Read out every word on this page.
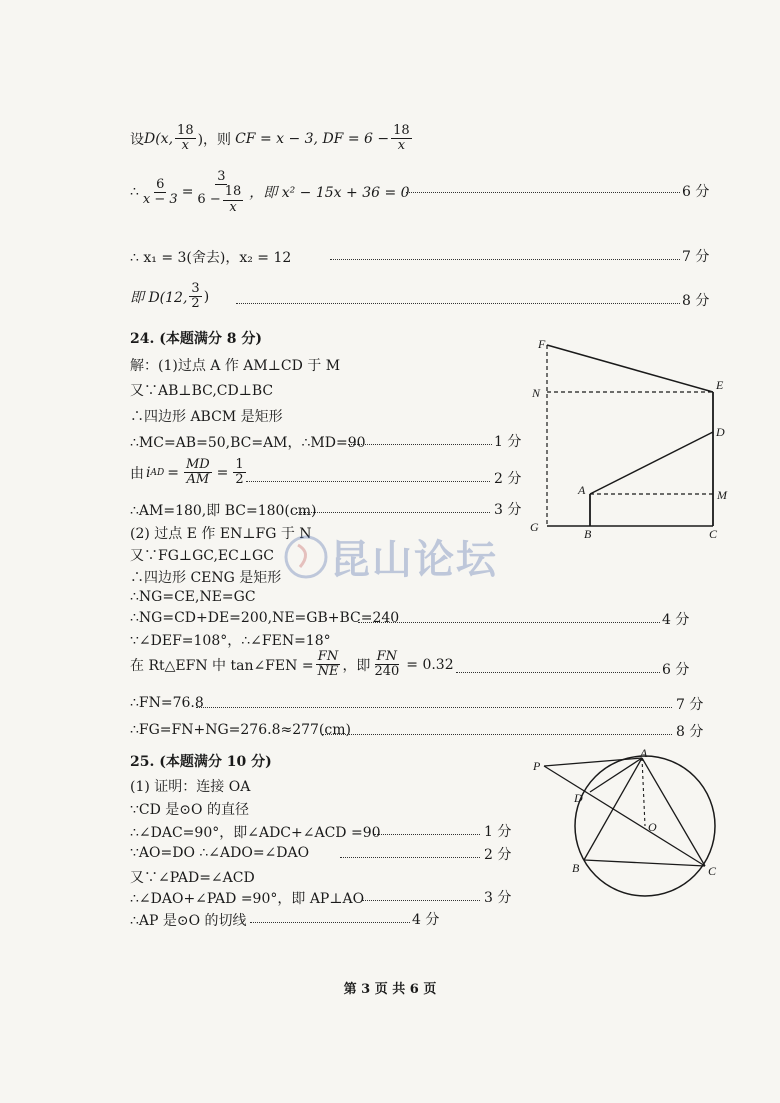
设 D(x, $\frac{18}{x}$ )，则 CF = x − 3, DF = $6 - \frac{18}{x}$
∴ $\frac{6}{x - 3} = \frac{3}{6 - \frac{18}{x}}$ ，即 x² − 15x + 36 = 0	6 分
∴ x₁ = 3(舍去)，x₂ = 12	7 分
即 D(12, $\frac{3}{2}$ )	8 分
24. (本题满分 8 分)
解：(1)过点 A 作 AM⊥CD 于 M
又∵AB⊥BC,CD⊥BC
∴四边形 ABCM 是矩形
∴MC=AB=50,BC=AM，∴MD=90	1 分
由 i AD = $\frac{MD}{AM} = \frac{1}{2}$	2 分
∴AM=180,即 BC=180(cm)	3 分
(2) 过点 E 作 EN⊥FG 于 N
又∵FG⊥GC,EC⊥GC
∴四边形 CENG 是矩形
∴NG=CE,NE=GC
∴NG=CD+DE=200,NE=GB+BC=240	4 分
∵∠DEF=108°，∴∠FEN=18°
在 Rt△EFN 中 tan∠FEN = $\frac{FN}{NE}$ ，即 $\frac{FN}{240} = 0.32$	6 分
∴FN=76.8	7 分
∴FG=FN+NG=276.8≈277(cm)	8 分
F
N
E
D
A	M
G	B	C
25. (本题满分 10 分)
(1) 证明：连接 OA
∵CD 是⊙O 的直径
∴∠DAC=90°，即∠ADC+∠ACD =90	1 分
∵AO=DO ∴∠ADO=∠DAO	2 分
又∵∠PAD=∠ACD
∴∠DAO+∠PAD =90°，即 AP⊥AO	3 分
∴AP 是⊙O 的切线	4 分
P
A
D
O
B	C
昆山论坛
第 3 页 共 6 页
